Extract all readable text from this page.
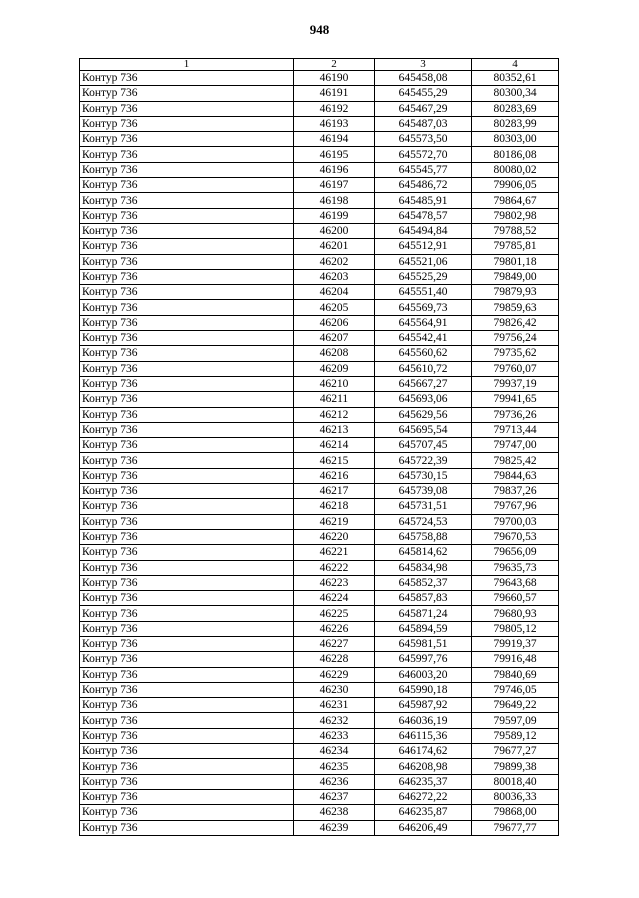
948
1	2	3	4
Контур 736	46190	645458,08	80352,61
Контур 736	46191	645455,29	80300,34
Контур 736	46192	645467,29	80283,69
Контур 736	46193	645487,03	80283,99
Контур 736	46194	645573,50	80303,00
Контур 736	46195	645572,70	80186,08
Контур 736	46196	645545,77	80080,02
Контур 736	46197	645486,72	79906,05
Контур 736	46198	645485,91	79864,67
Контур 736	46199	645478,57	79802,98
Контур 736	46200	645494,84	79788,52
Контур 736	46201	645512,91	79785,81
Контур 736	46202	645521,06	79801,18
Контур 736	46203	645525,29	79849,00
Контур 736	46204	645551,40	79879,93
Контур 736	46205	645569,73	79859,63
Контур 736	46206	645564,91	79826,42
Контур 736	46207	645542,41	79756,24
Контур 736	46208	645560,62	79735,62
Контур 736	46209	645610,72	79760,07
Контур 736	46210	645667,27	79937,19
Контур 736	46211	645693,06	79941,65
Контур 736	46212	645629,56	79736,26
Контур 736	46213	645695,54	79713,44
Контур 736	46214	645707,45	79747,00
Контур 736	46215	645722,39	79825,42
Контур 736	46216	645730,15	79844,63
Контур 736	46217	645739,08	79837,26
Контур 736	46218	645731,51	79767,96
Контур 736	46219	645724,53	79700,03
Контур 736	46220	645758,88	79670,53
Контур 736	46221	645814,62	79656,09
Контур 736	46222	645834,98	79635,73
Контур 736	46223	645852,37	79643,68
Контур 736	46224	645857,83	79660,57
Контур 736	46225	645871,24	79680,93
Контур 736	46226	645894,59	79805,12
Контур 736	46227	645981,51	79919,37
Контур 736	46228	645997,76	79916,48
Контур 736	46229	646003,20	79840,69
Контур 736	46230	645990,18	79746,05
Контур 736	46231	645987,92	79649,22
Контур 736	46232	646036,19	79597,09
Контур 736	46233	646115,36	79589,12
Контур 736	46234	646174,62	79677,27
Контур 736	46235	646208,98	79899,38
Контур 736	46236	646235,37	80018,40
Контур 736	46237	646272,22	80036,33
Контур 736	46238	646235,87	79868,00
Контур 736	46239	646206,49	79677,77
